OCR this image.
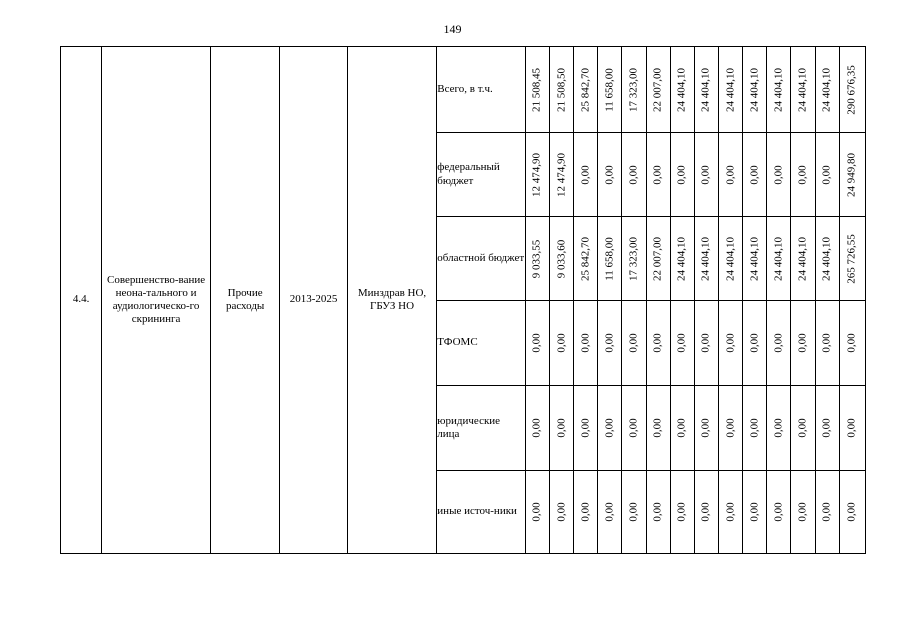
149
4.4.	Совершенство-вание неона-тального и аудиологическо-го скрининга	Прочие расходы	2013-2025	Минздрав НО, ГБУЗ НО	Всего, в т.ч.	21 508,45	21 508,50	25 842,70	11 658,00	17 323,00	22 007,00	24 404,10	24 404,10	24 404,10	24 404,10	24 404,10	24 404,10	24 404,10	290 676,35

					федеральный бюджет	12 474,90	12 474,90	0,00	0,00	0,00	0,00	0,00	0,00	0,00	0,00	0,00	0,00	0,00	24 949,80

					областной бюджет	9 033,55	9 033,60	25 842,70	11 658,00	17 323,00	22 007,00	24 404,10	24 404,10	24 404,10	24 404,10	24 404,10	24 404,10	24 404,10	265 726,55

					ТФОМС	0,00	0,00	0,00	0,00	0,00	0,00	0,00	0,00	0,00	0,00	0,00	0,00	0,00	0,00

					юридические лица	0,00	0,00	0,00	0,00	0,00	0,00	0,00	0,00	0,00	0,00	0,00	0,00	0,00	0,00

					иные источ-ники	0,00	0,00	0,00	0,00	0,00	0,00	0,00	0,00	0,00	0,00	0,00	0,00	0,00	0,00
